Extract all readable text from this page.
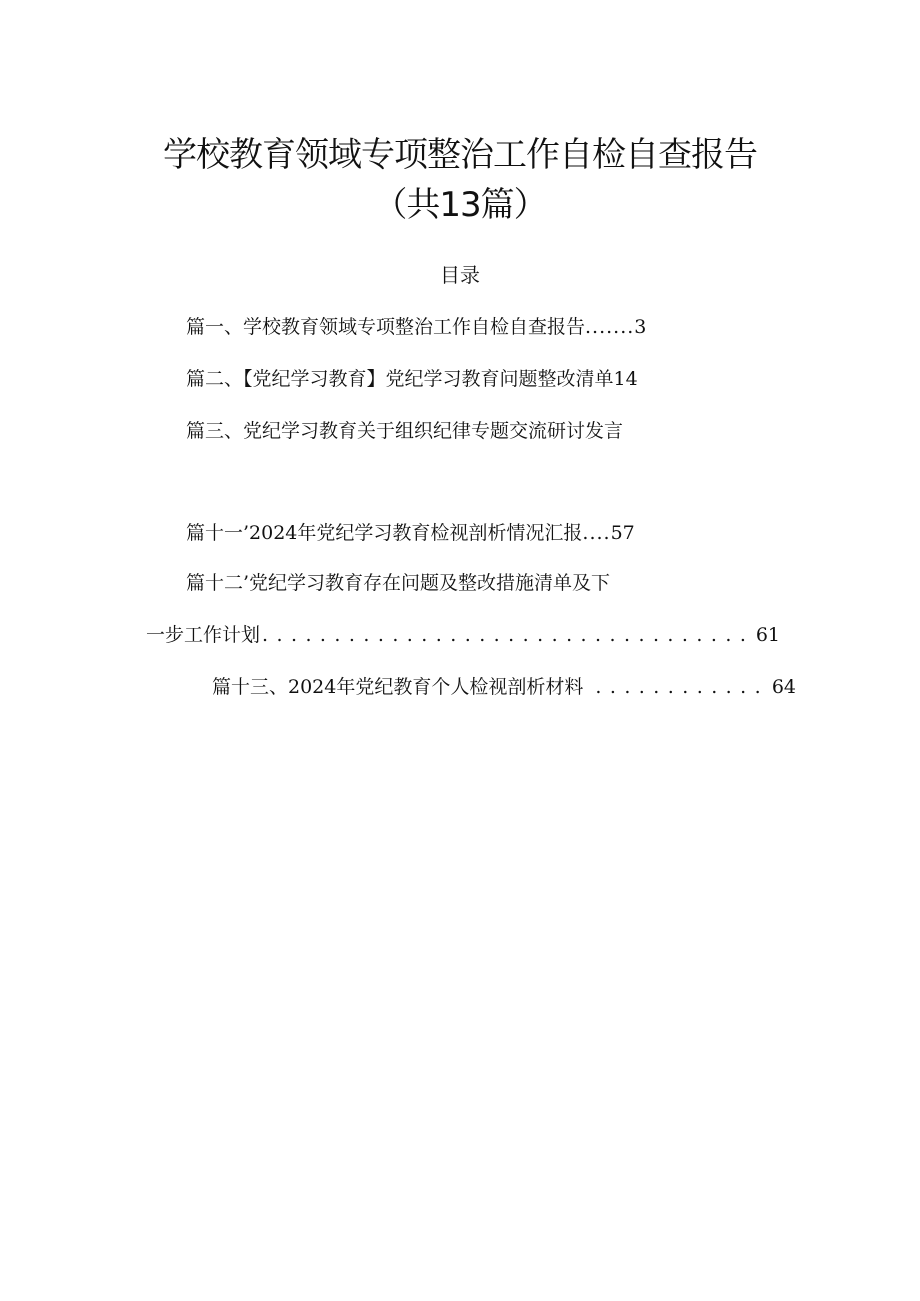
学校教育领域专项整治工作自检自查报告
（共13篇）
目录
篇一、学校教育领域专项整治工作自检自查报告.......3
篇二、【党纪学习教育】党纪学习教育问题整改清单14
篇三、党纪学习教育关于组织纪律专题交流研讨发言
篇十一’2024年党纪学习教育检视剖析情况汇报....57
篇十二’党纪学习教育存在问题及整改措施清单及下
一步工作计划 . . .	61
篇十三、2024年党纪教育个人检视剖析材料 . . .	64
